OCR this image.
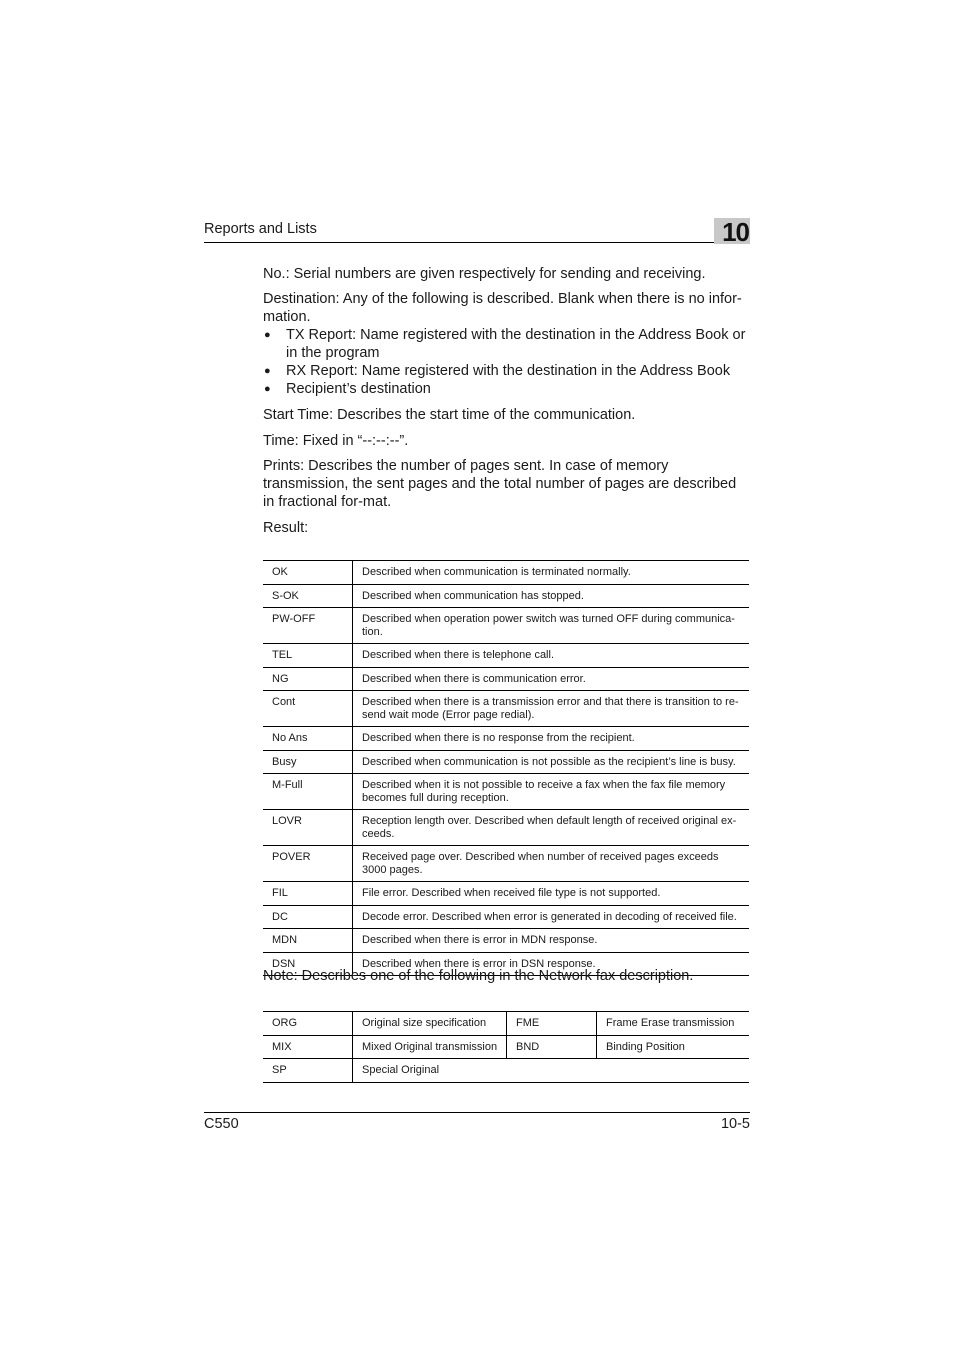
Reports and Lists	10

No.: Serial numbers are given respectively for sending and receiving.

Destination: Any of the following is described. Blank when there is no infor-mation.

● TX Report: Name registered with the destination in the Address Book or in the program
● RX Report: Name registered with the destination in the Address Book
● Recipient’s destination

Start Time: Describes the start time of the communication.

Time: Fixed in “--:--:--”.

Prints: Describes the number of pages sent. In case of memory transmission, the sent pages and the total number of pages are described in fractional for-mat.

Result:

OK	Described when communication is terminated normally.
S-OK	Described when communication has stopped.
PW-OFF	Described when operation power switch was turned OFF during communica-tion.
TEL	Described when there is telephone call.
NG	Described when there is communication error.
Cont	Described when there is a transmission error and that there is transition to re-send wait mode (Error page redial).
No Ans	Described when there is no response from the recipient.
Busy	Described when communication is not possible as the recipient’s line is busy.
M-Full	Described when it is not possible to receive a fax when the fax file memory becomes full during reception.
LOVR	Reception length over. Described when default length of received original ex-ceeds.
POVER	Received page over. Described when number of received pages exceeds 3000 pages.
FIL	File error. Described when received file type is not supported.
DC	Decode error. Described when error is generated in decoding of received file.
MDN	Described when there is error in MDN response.
DSN	Described when there is error in DSN response.
Note: Describes one of the following in the Network fax description.
ORG	Original size specification	FME	Frame Erase transmission
MIX	Mixed Original transmission	BND	Binding Position
SP	Special Original		
C550	10-5
